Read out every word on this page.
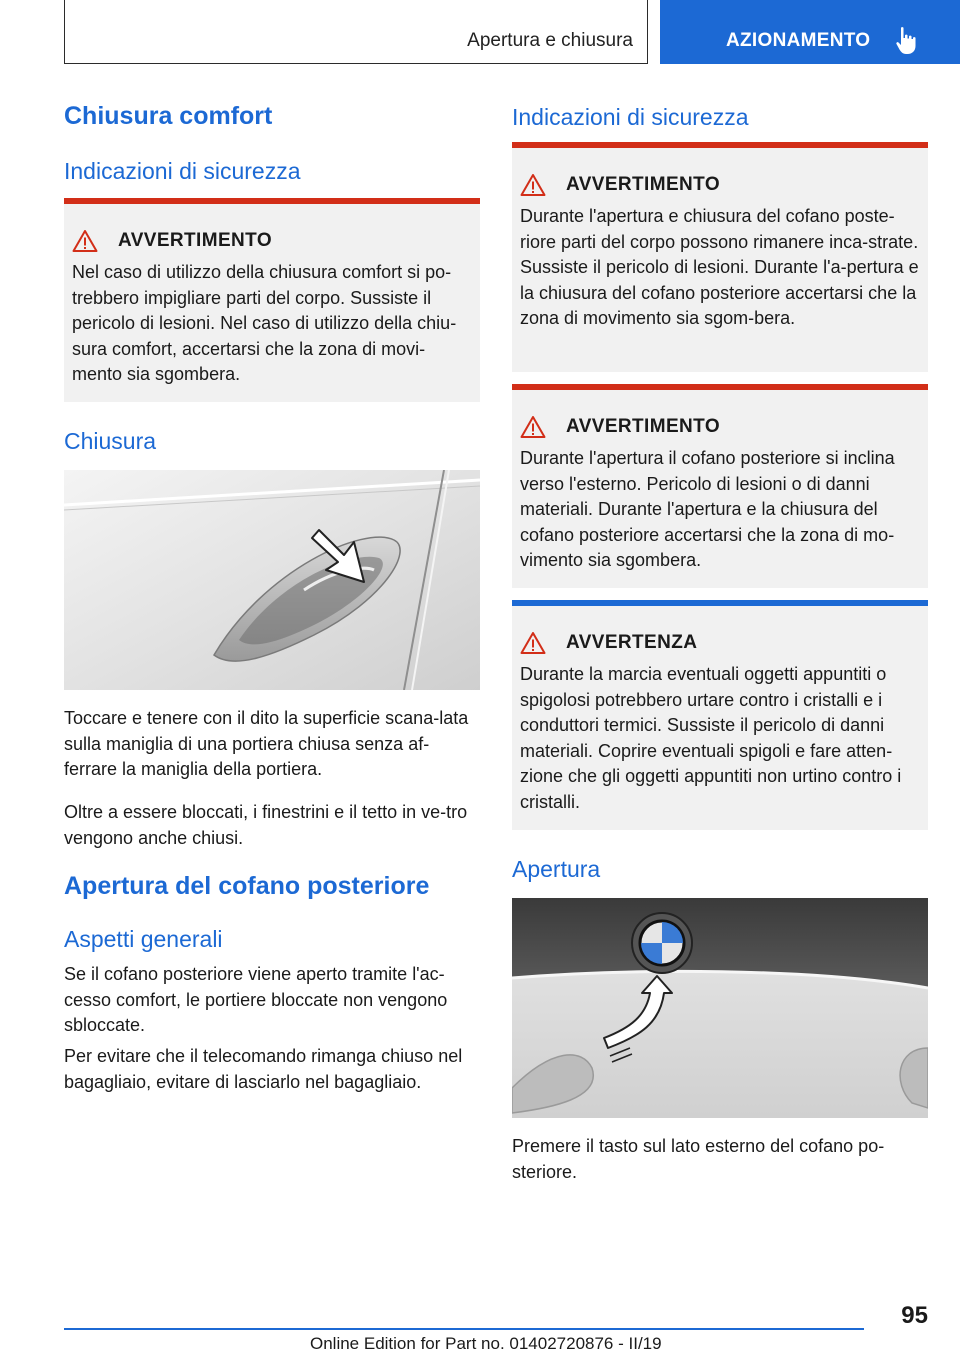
Apertura e chiusura	AZIONAMENTO
Chiusura comfort
Indicazioni di sicurezza
AVVERTIMENTO
Nel caso di utilizzo della chiusura comfort si po-trebbero impigliare parti del corpo. Sussiste il pericolo di lesioni. Nel caso di utilizzo della chiu-sura comfort, accertarsi che la zona di movi-mento sia sgombera.
Chiusura

Toccare e tenere con il dito la superficie scana-lata sulla maniglia di una portiera chiusa senza af-ferrare la maniglia della portiera.

Oltre a essere bloccati, i finestrini e il tetto in ve-tro vengono anche chiusi.

Apertura del cofano posteriore
Aspetti generali

Se il cofano posteriore viene aperto tramite l'ac-cesso comfort, le portiere bloccate non vengono sbloccate.

Per evitare che il telecomando rimanga chiuso nel bagagliaio, evitare di lasciarlo nel bagagliaio.

Indicazioni di sicurezza
AVVERTIMENTO
Durante l'apertura e chiusura del cofano poste-riore parti del corpo possono rimanere inca-strate. Sussiste il pericolo di lesioni. Durante l'a-pertura e la chiusura del cofano posteriore accertarsi che la zona di movimento sia sgom-bera.
AVVERTIMENTO
Durante l'apertura il cofano posteriore si inclina verso l'esterno. Pericolo di lesioni o di danni materiali. Durante l'apertura e la chiusura del cofano posteriore accertarsi che la zona di mo-vimento sia sgombera.
AVVERTENZA
Durante la marcia eventuali oggetti appuntiti o spigolosi potrebbero urtare contro i cristalli e i conduttori termici. Sussiste il pericolo di danni materiali. Coprire eventuali spigoli e fare atten-zione che gli oggetti appuntiti non urtino contro i cristalli.
Apertura

Premere il tasto sul lato esterno del cofano po-steriore.

95
Online Edition for Part no. 01402720876 - II/19
